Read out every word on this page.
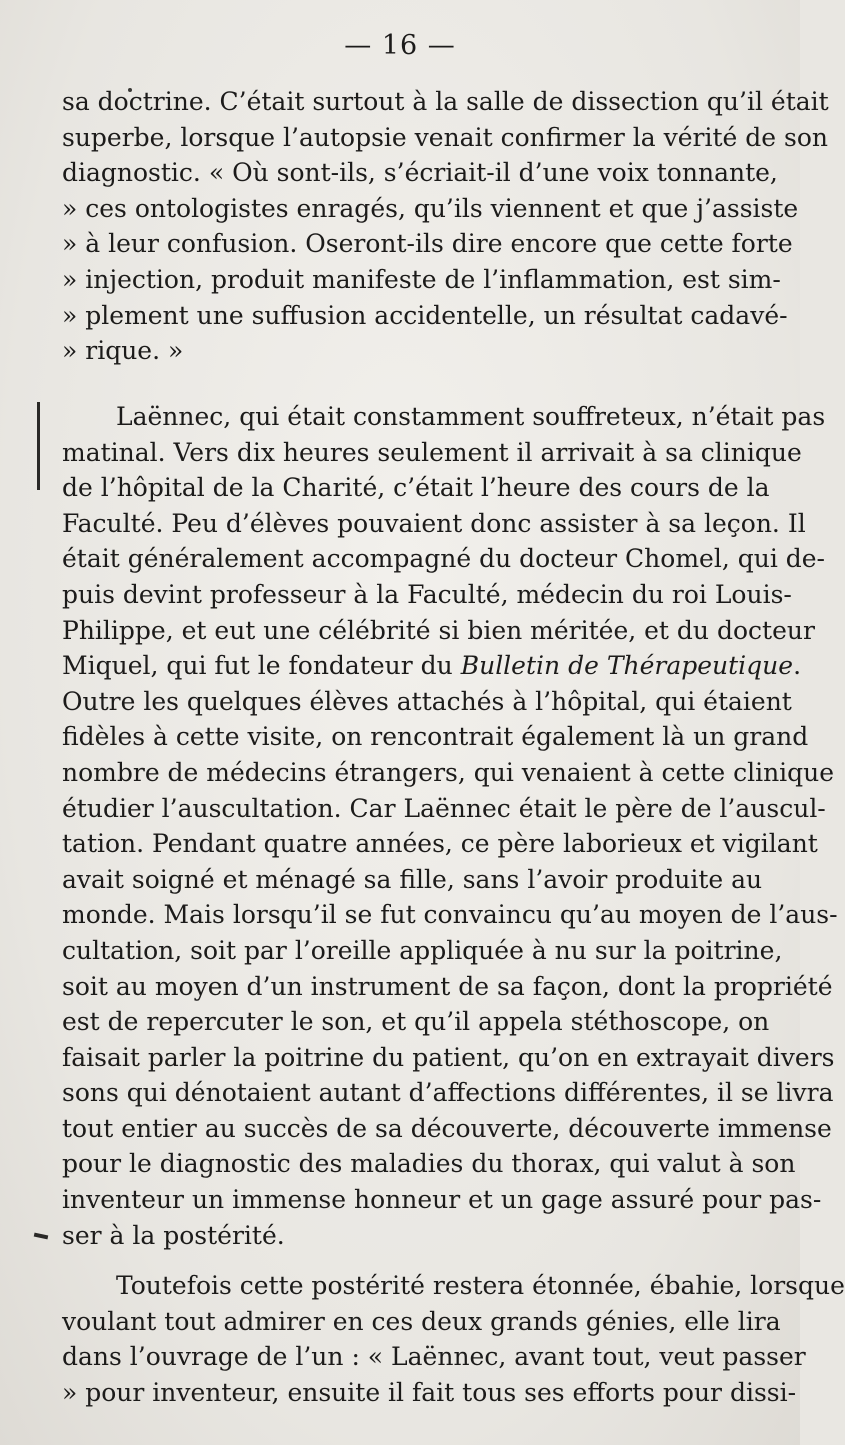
— 16 —
sa doctrine. C’était surtout à la salle de dissection qu’il était
superbe, lorsque l’autopsie venait confirmer la vérité de son
diagnostic. « Où sont-ils, s’écriait-il d’une voix tonnante,
» ces ontologistes enragés, qu’ils viennent et que j’assiste
» à leur confusion. Oseront-ils dire encore que cette forte
» injection, produit manifeste de l’inflammation, est sim-
» plement une suffusion accidentelle, un résultat cadavé-
» rique. »
Laënnec, qui était constamment souffreteux, n’était pas
matinal. Vers dix heures seulement il arrivait à sa clinique
de l’hôpital de la Charité, c’était l’heure des cours de la
Faculté. Peu d’élèves pouvaient donc assister à sa leçon. Il
était généralement accompagné du docteur Chomel, qui de-
puis devint professeur à la Faculté, médecin du roi Louis-
Philippe, et eut une célébrité si bien méritée, et du docteur
Miquel, qui fut le fondateur du Bulletin de Thérapeutique.
Outre les quelques élèves attachés à l’hôpital, qui étaient
fidèles à cette visite, on rencontrait également là un grand
nombre de médecins étrangers, qui venaient à cette clinique
étudier l’auscultation. Car Laënnec était le père de l’auscul-
tation. Pendant quatre années, ce père laborieux et vigilant
avait soigné et ménagé sa fille, sans l’avoir produite au
monde. Mais lorsqu’il se fut convaincu qu’au moyen de l’aus-
cultation, soit par l’oreille appliquée à nu sur la poitrine,
soit au moyen d’un instrument de sa façon, dont la propriété
est de repercuter le son, et qu’il appela stéthoscope, on
faisait parler la poitrine du patient, qu’on en extrayait divers
sons qui dénotaient autant d’affections différentes, il se livra
tout entier au succès de sa découverte, découverte immense
pour le diagnostic des maladies du thorax, qui valut à son
inventeur un immense honneur et un gage assuré pour pas-
ser à la postérité.
Toutefois cette postérité restera étonnée, ébahie, lorsque
voulant tout admirer en ces deux grands génies, elle lira
dans l’ouvrage de l’un : « Laënnec, avant tout, veut passer
» pour inventeur, ensuite il fait tous ses efforts pour dissi-
